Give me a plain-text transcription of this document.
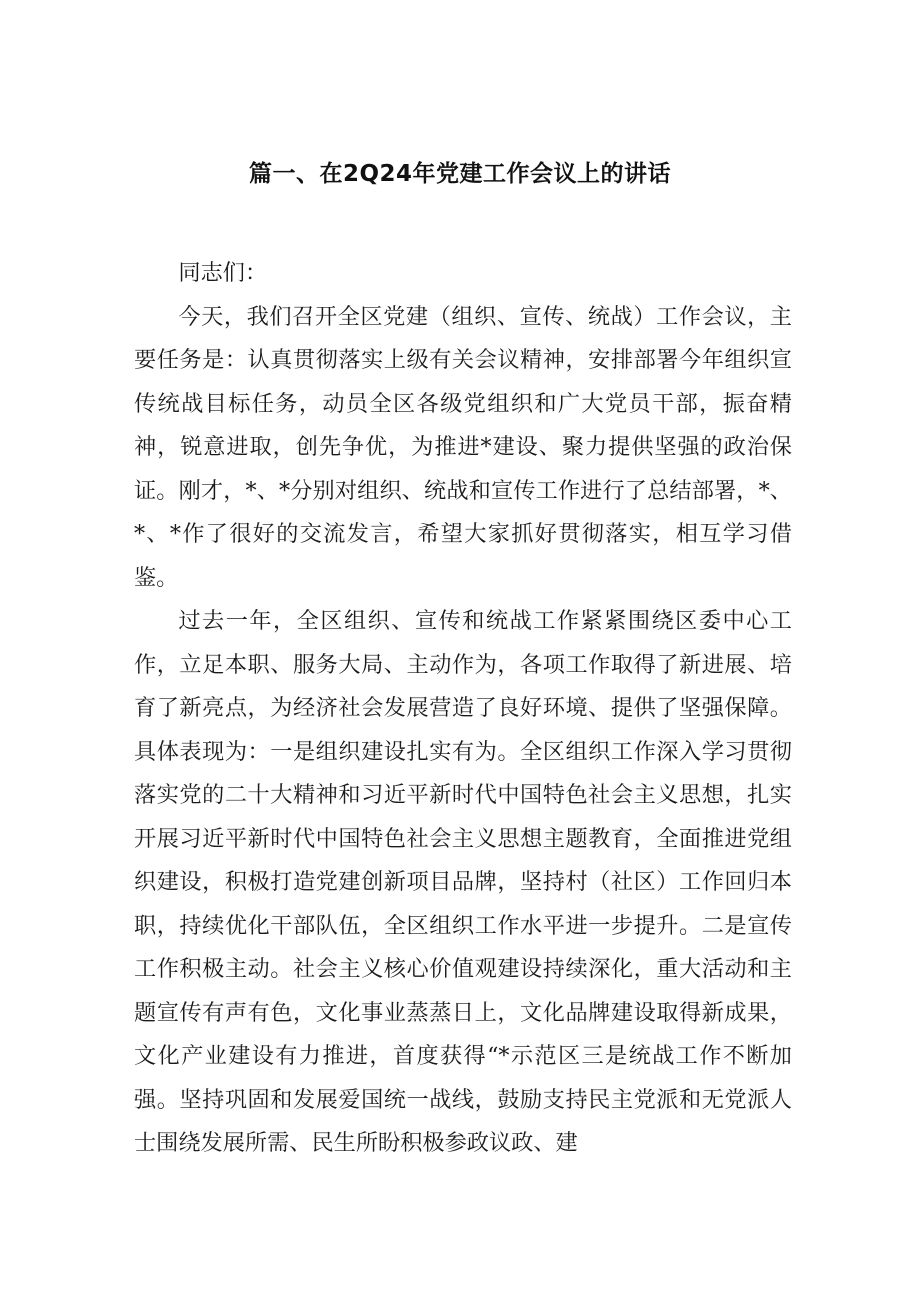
篇一、在2Q24年党建工作会议上的讲话

同志们：

今天，我们召开全区党建（组织、宣传、统战）工作会议，主要任务是：认真贯彻落实上级有关会议精神，安排部署今年组织宣传统战目标任务，动员全区各级党组织和广大党员干部，振奋精神，锐意进取，创先争优，为推进*建设、聚力提供坚强的政治保证。刚才，*、*分别对组织、统战和宣传工作进行了总结部署，*、*、*作了很好的交流发言，希望大家抓好贯彻落实，相互学习借鉴。

过去一年，全区组织、宣传和统战工作紧紧围绕区委中心工作，立足本职、服务大局、主动作为，各项工作取得了新进展、培育了新亮点，为经济社会发展营造了良好环境、提供了坚强保障。具体表现为：一是组织建设扎实有为。全区组织工作深入学习贯彻落实党的二十大精神和习近平新时代中国特色社会主义思想，扎实开展习近平新时代中国特色社会主义思想主题教育，全面推进党组织建设，积极打造党建创新项目品牌，坚持村（社区）工作回归本职，持续优化干部队伍，全区组织工作水平进一步提升。二是宣传工作积极主动。社会主义核心价值观建设持续深化，重大活动和主题宣传有声有色，文化事业蒸蒸日上，文化品牌建设取得新成果，文化产业建设有力推进，首度获得“*示范区三是统战工作不断加强。坚持巩固和发展爱国统一战线，鼓励支持民主党派和无党派人士围绕发展所需、民生所盼积极参政议政、建
